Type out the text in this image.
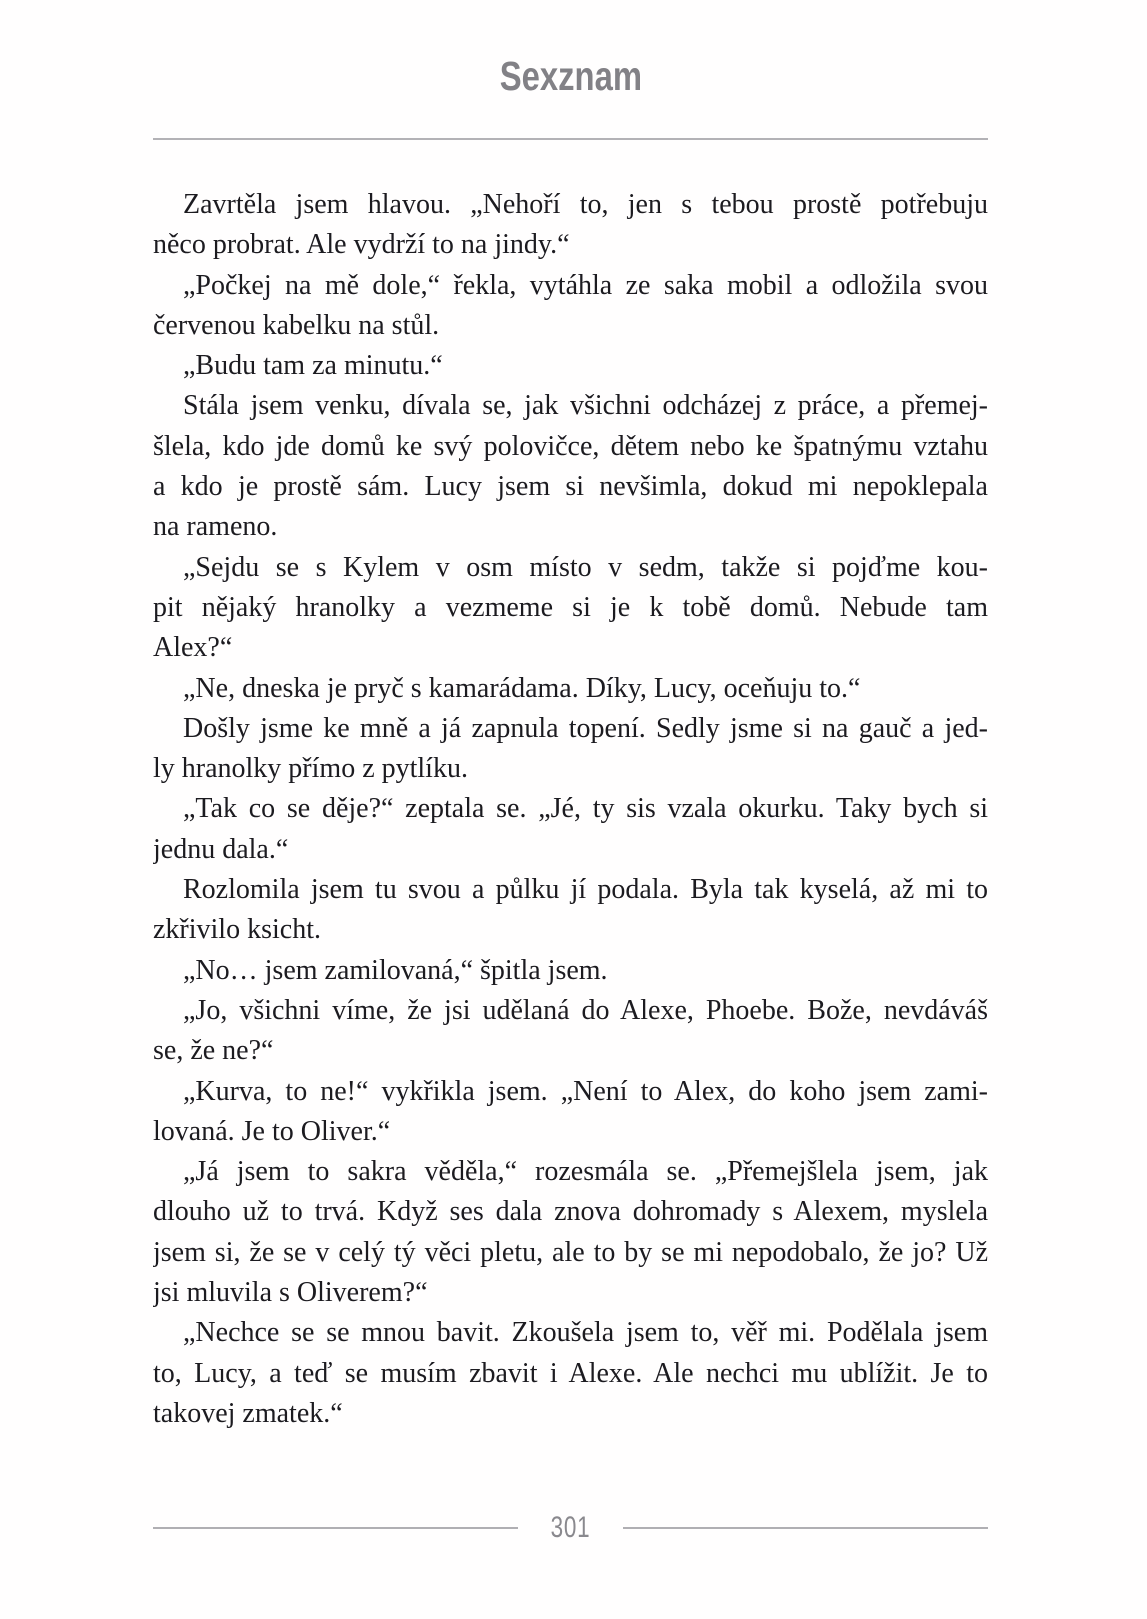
Sexznam

Zavrtěla jsem hlavou. „Nehoří to, jen s tebou prostě potřebuju
něco probrat. Ale vydrží to na jindy.“

„Počkej na mě dole,“ řekla, vytáhla ze saka mobil a odložila svou
červenou kabelku na stůl.

„Budu tam za minutu.“

Stála jsem venku, dívala se, jak všichni odcházej z práce, a přemej-
šlela, kdo jde domů ke svý polovičce, dětem nebo ke špatnýmu vztahu
a kdo je prostě sám. Lucy jsem si nevšimla, dokud mi nepoklepala
na rameno.

„Sejdu se s Kylem v osm místo v sedm, takže si pojďme kou-
pit nějaký hranolky a vezmeme si je k tobě domů. Nebude tam
Alex?“

„Ne, dneska je pryč s kamarádama. Díky, Lucy, oceňuju to.“

Došly jsme ke mně a já zapnula topení. Sedly jsme si na gauč a jed-
ly hranolky přímo z pytlíku.

„Tak co se děje?“ zeptala se. „Jé, ty sis vzala okurku. Taky bych si
jednu dala.“

Rozlomila jsem tu svou a půlku jí podala. Byla tak kyselá, až mi to
zkřivilo ksicht.

„No… jsem zamilovaná,“ špitla jsem.

„Jo, všichni víme, že jsi udělaná do Alexe, Phoebe. Bože, nevdáváš
se, že ne?“

„Kurva, to ne!“ vykřikla jsem. „Není to Alex, do koho jsem zami-
lovaná. Je to Oliver.“

„Já jsem to sakra věděla,“ rozesmála se. „Přemejšlela jsem, jak
dlouho už to trvá. Když ses dala znova dohromady s Alexem, myslela
jsem si, že se v celý tý věci pletu, ale to by se mi nepodobalo, že jo? Už
jsi mluvila s Oliverem?“

„Nechce se se mnou bavit. Zkoušela jsem to, věř mi. Podělala jsem
to, Lucy, a teď se musím zbavit i Alexe. Ale nechci mu ublížit. Je to
takovej zmatek.“

301
